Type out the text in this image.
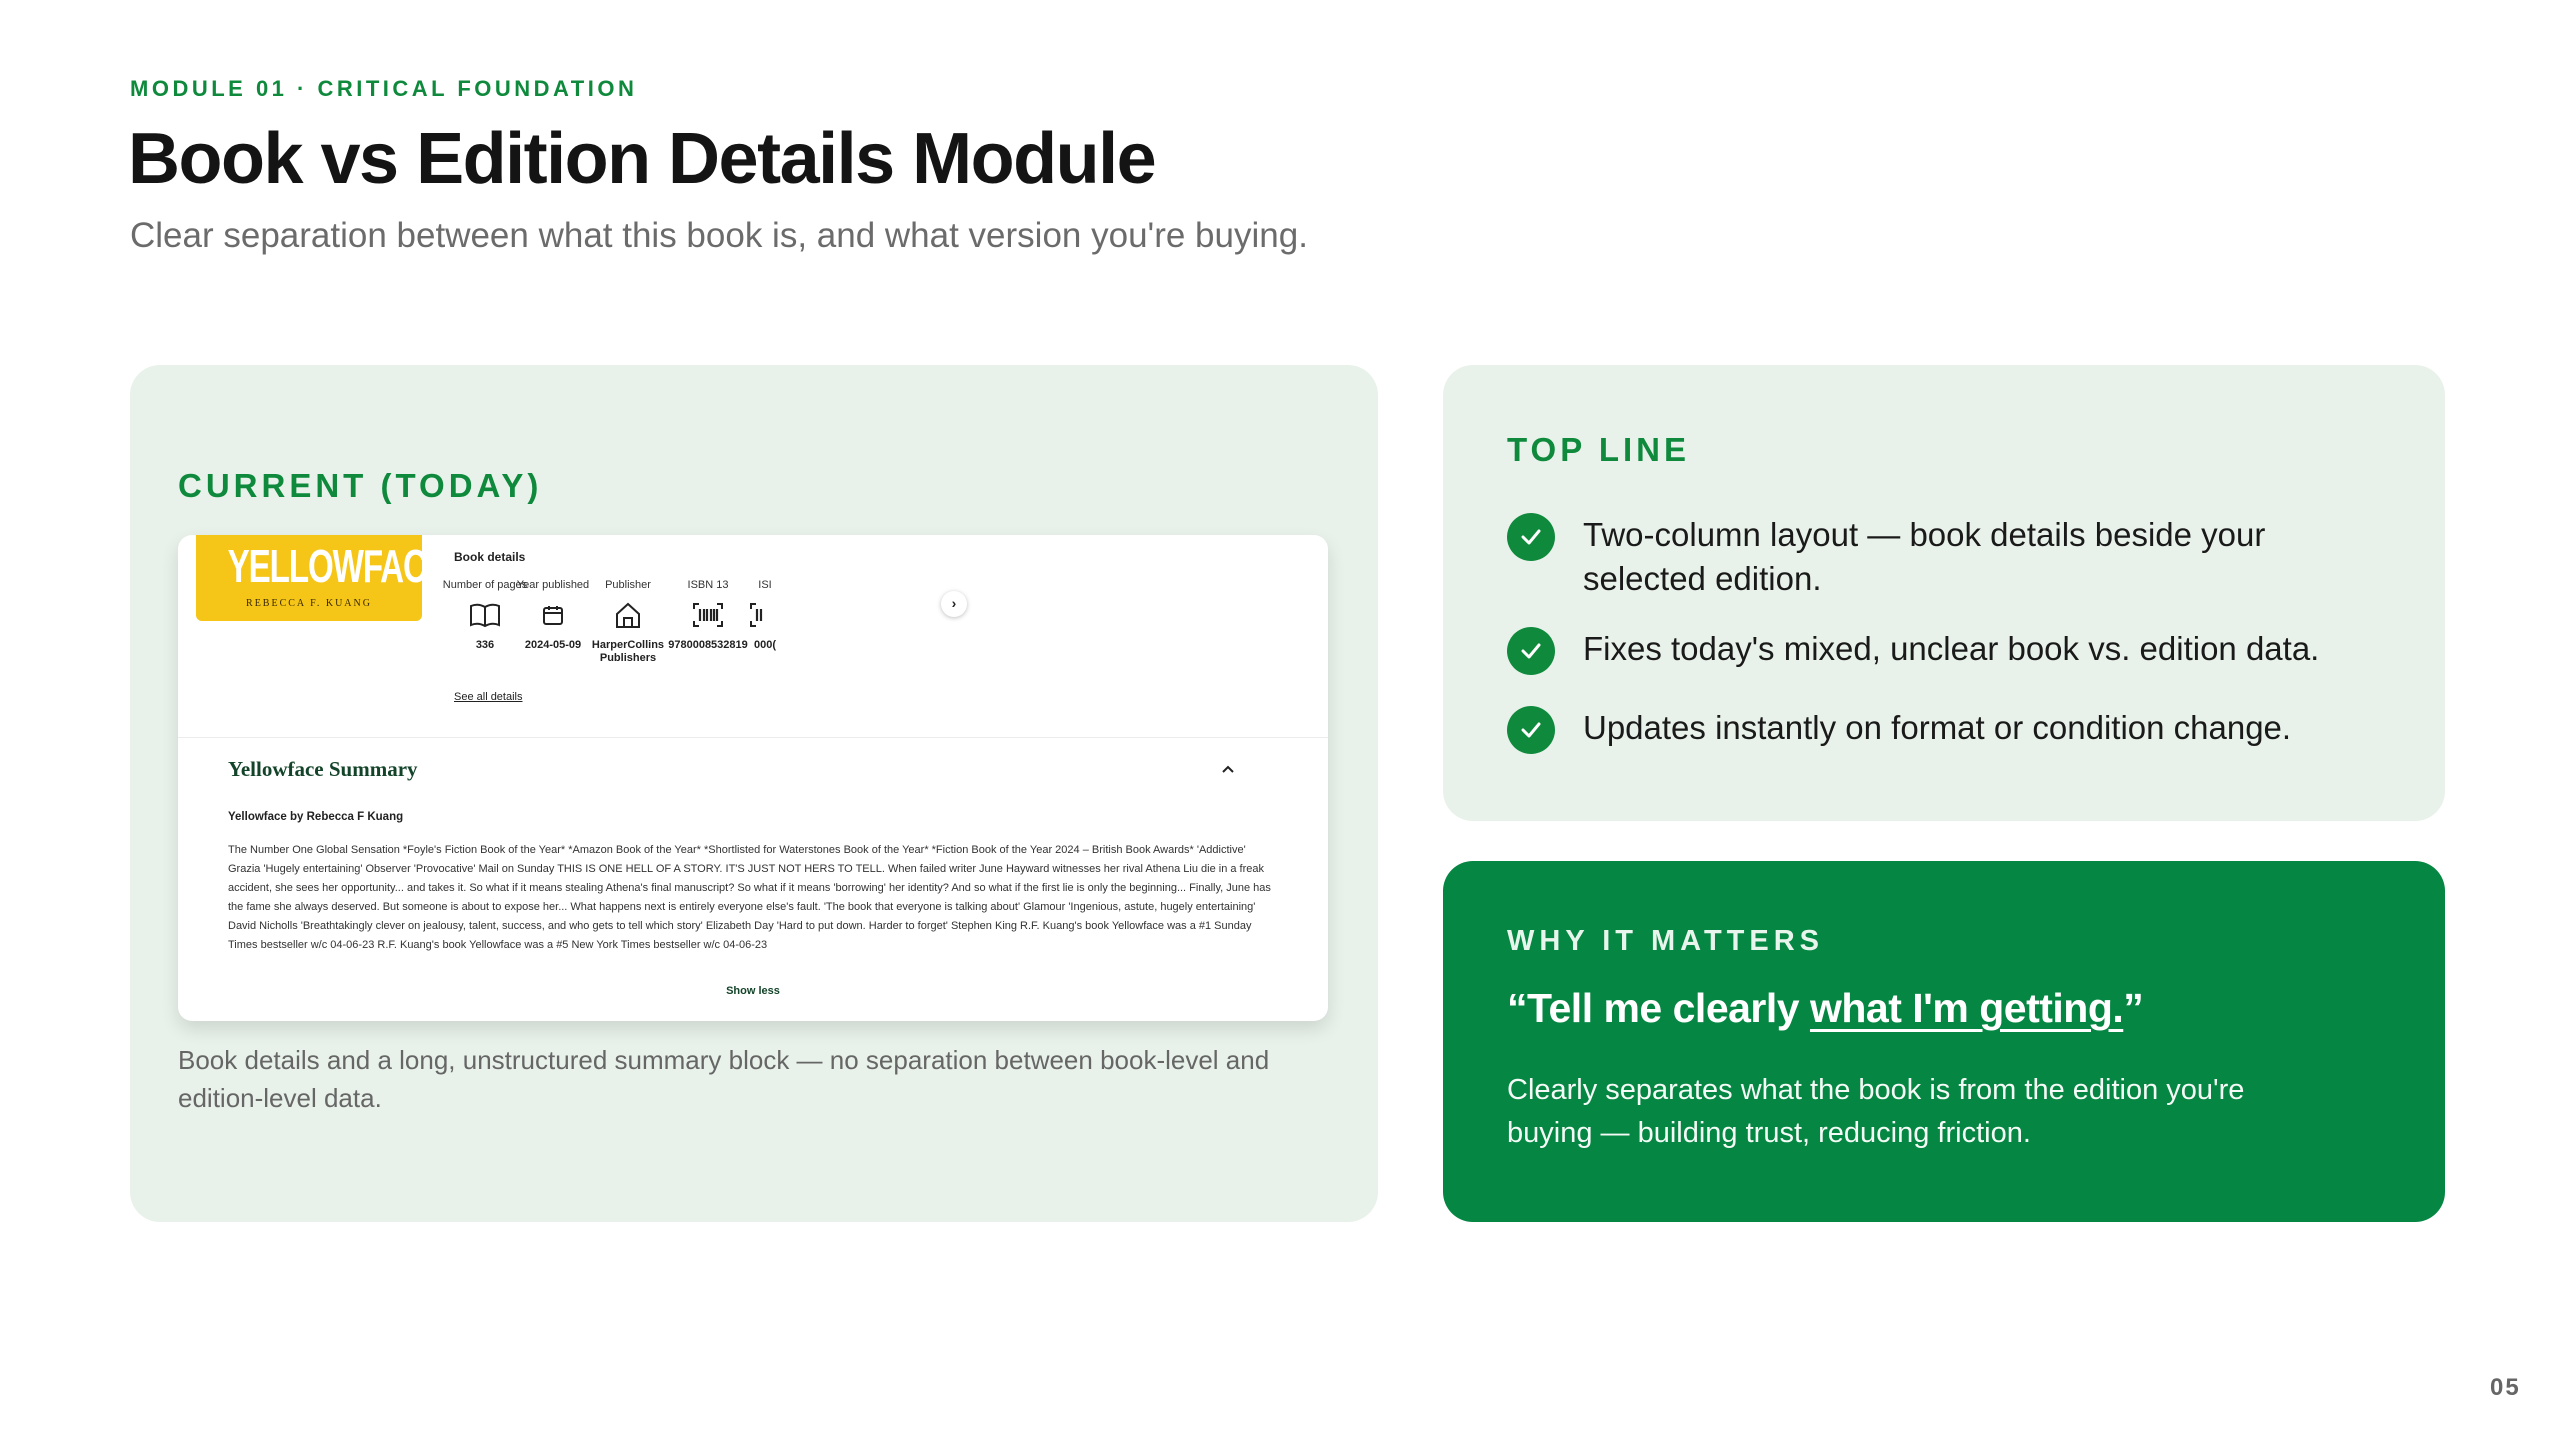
MODULE 01 · CRITICAL FOUNDATION
Book vs Edition Details Module
Clear separation between what this book is, and what version you're buying.
CURRENT (TODAY)
YELLOWFACE
REBECCA F. KUANG
Book details
Number of pages
336
Year published
2024-05-09
Publisher
HarperCollins Publishers
ISBN 13
9780008532819
ISI
000(
›
See all details
Yellowface Summary
Yellowface by Rebecca F Kuang
The Number One Global Sensation *Foyle's Fiction Book of the Year* *Amazon Book of the Year* *Shortlisted for Waterstones Book of the Year* *Fiction Book of the Year 2024 – British Book Awards* 'Addictive' Grazia 'Hugely entertaining' Observer 'Provocative' Mail on Sunday THIS IS ONE HELL OF A STORY. IT'S JUST NOT HERS TO TELL. When failed writer June Hayward witnesses her rival Athena Liu die in a freak accident, she sees her opportunity... and takes it. So what if it means stealing Athena's final manuscript? So what if it means 'borrowing' her identity? And so what if the first lie is only the beginning... Finally, June has the fame she always deserved. But someone is about to expose her... What happens next is entirely everyone else's fault. 'The book that everyone is talking about' Glamour 'Ingenious, astute, hugely entertaining' David Nicholls 'Breathtakingly clever on jealousy, talent, success, and who gets to tell which story' Elizabeth Day 'Hard to put down. Harder to forget' Stephen King R.F. Kuang's book Yellowface was a #1 Sunday Times bestseller w/c 04-06-23 R.F. Kuang's book Yellowface was a #5 New York Times bestseller w/c 04-06-23
Show less
Book details and a long, unstructured summary block — no separation between book-level and edition-level data.
TOP LINE
Two-column layout — book details beside your selected edition.
Fixes today's mixed, unclear book vs. edition data.
Updates instantly on format or condition change.
WHY IT MATTERS
“Tell me clearly what I'm getting.”
Clearly separates what the book is from the edition you're buying — building trust, reducing friction.
05
